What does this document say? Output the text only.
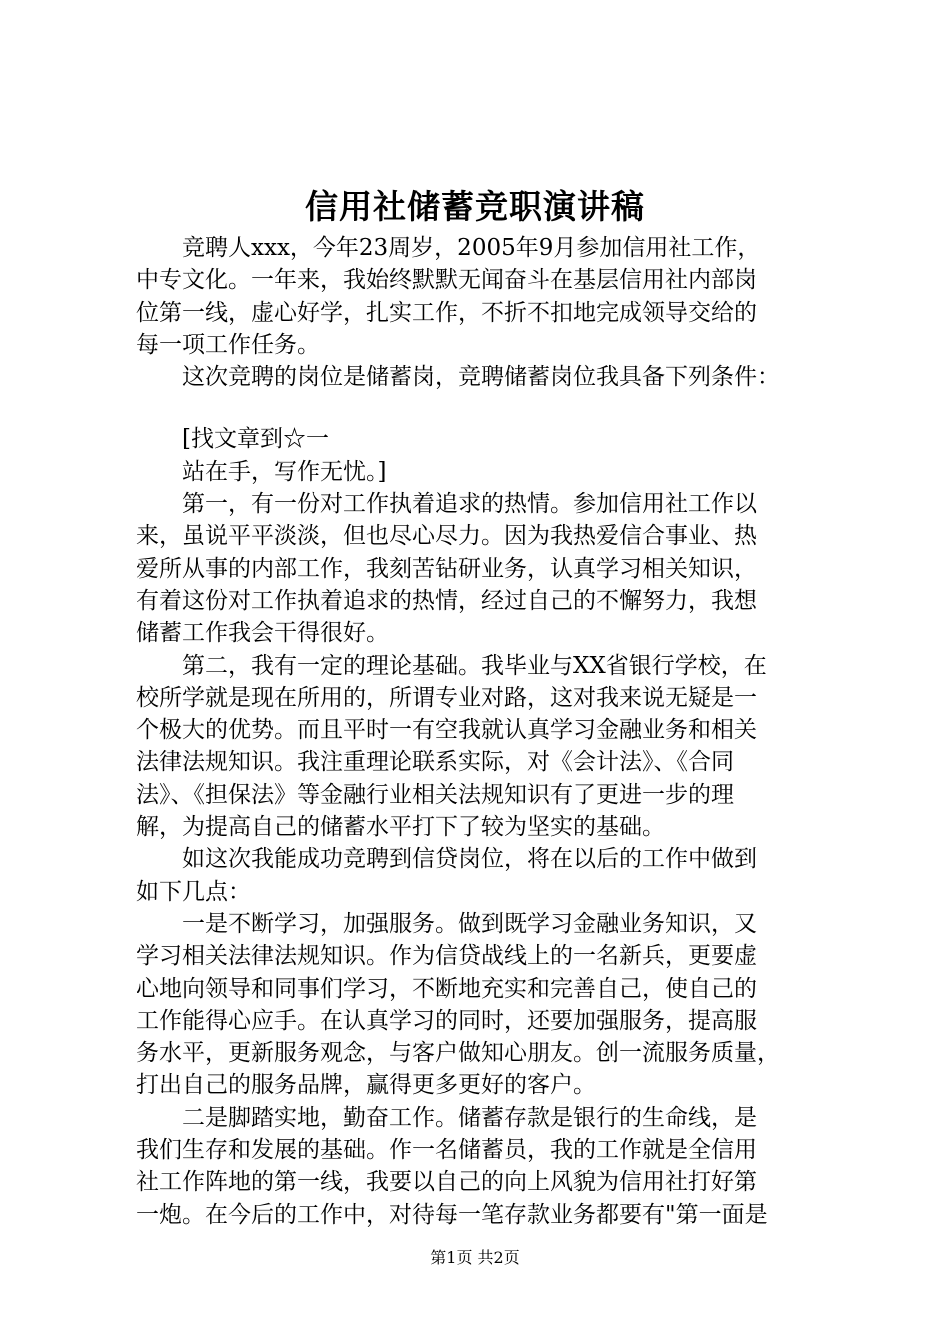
信用社储蓄竞职演讲稿
竞聘人xxx，今年23周岁，2005年9月参加信用社工作，
中专文化。一年来，我始终默默无闻奋斗在基层信用社内部岗
位第一线，虚心好学，扎实工作，不折不扣地完成领导交给的
每一项工作任务。
这次竞聘的岗位是储蓄岗，竞聘储蓄岗位我具备下列条件：
[找文章到☆一
站在手，写作无忧。]
第一，有一份对工作执着追求的热情。参加信用社工作以
来，虽说平平淡淡，但也尽心尽力。因为我热爱信合事业、热
爱所从事的内部工作，我刻苦钻研业务，认真学习相关知识，
有着这份对工作执着追求的热情，经过自己的不懈努力，我想
储蓄工作我会干得很好。
第二，我有一定的理论基础。我毕业与XX省银行学校，在
校所学就是现在所用的，所谓专业对路，这对我来说无疑是一
个极大的优势。而且平时一有空我就认真学习金融业务和相关
法律法规知识。我注重理论联系实际，对《会计法》、《合同
法》、《担保法》等金融行业相关法规知识有了更进一步的理
解，为提高自己的储蓄水平打下了较为坚实的基础。
如这次我能成功竞聘到信贷岗位，将在以后的工作中做到
如下几点：
一是不断学习，加强服务。做到既学习金融业务知识，又
学习相关法律法规知识。作为信贷战线上的一名新兵，更要虚
心地向领导和同事们学习，不断地充实和完善自己，使自己的
工作能得心应手。在认真学习的同时，还要加强服务，提高服
务水平，更新服务观念，与客户做知心朋友。创一流服务质量，
打出自己的服务品牌，赢得更多更好的客户。
二是脚踏实地，勤奋工作。储蓄存款是银行的生命线，是
我们生存和发展的基础。作一名储蓄员，我的工作就是全信用
社工作阵地的第一线，我要以自己的向上风貌为信用社打好第
一炮。在今后的工作中，对待每一笔存款业务都要有"第一面是
第1页 共2页
